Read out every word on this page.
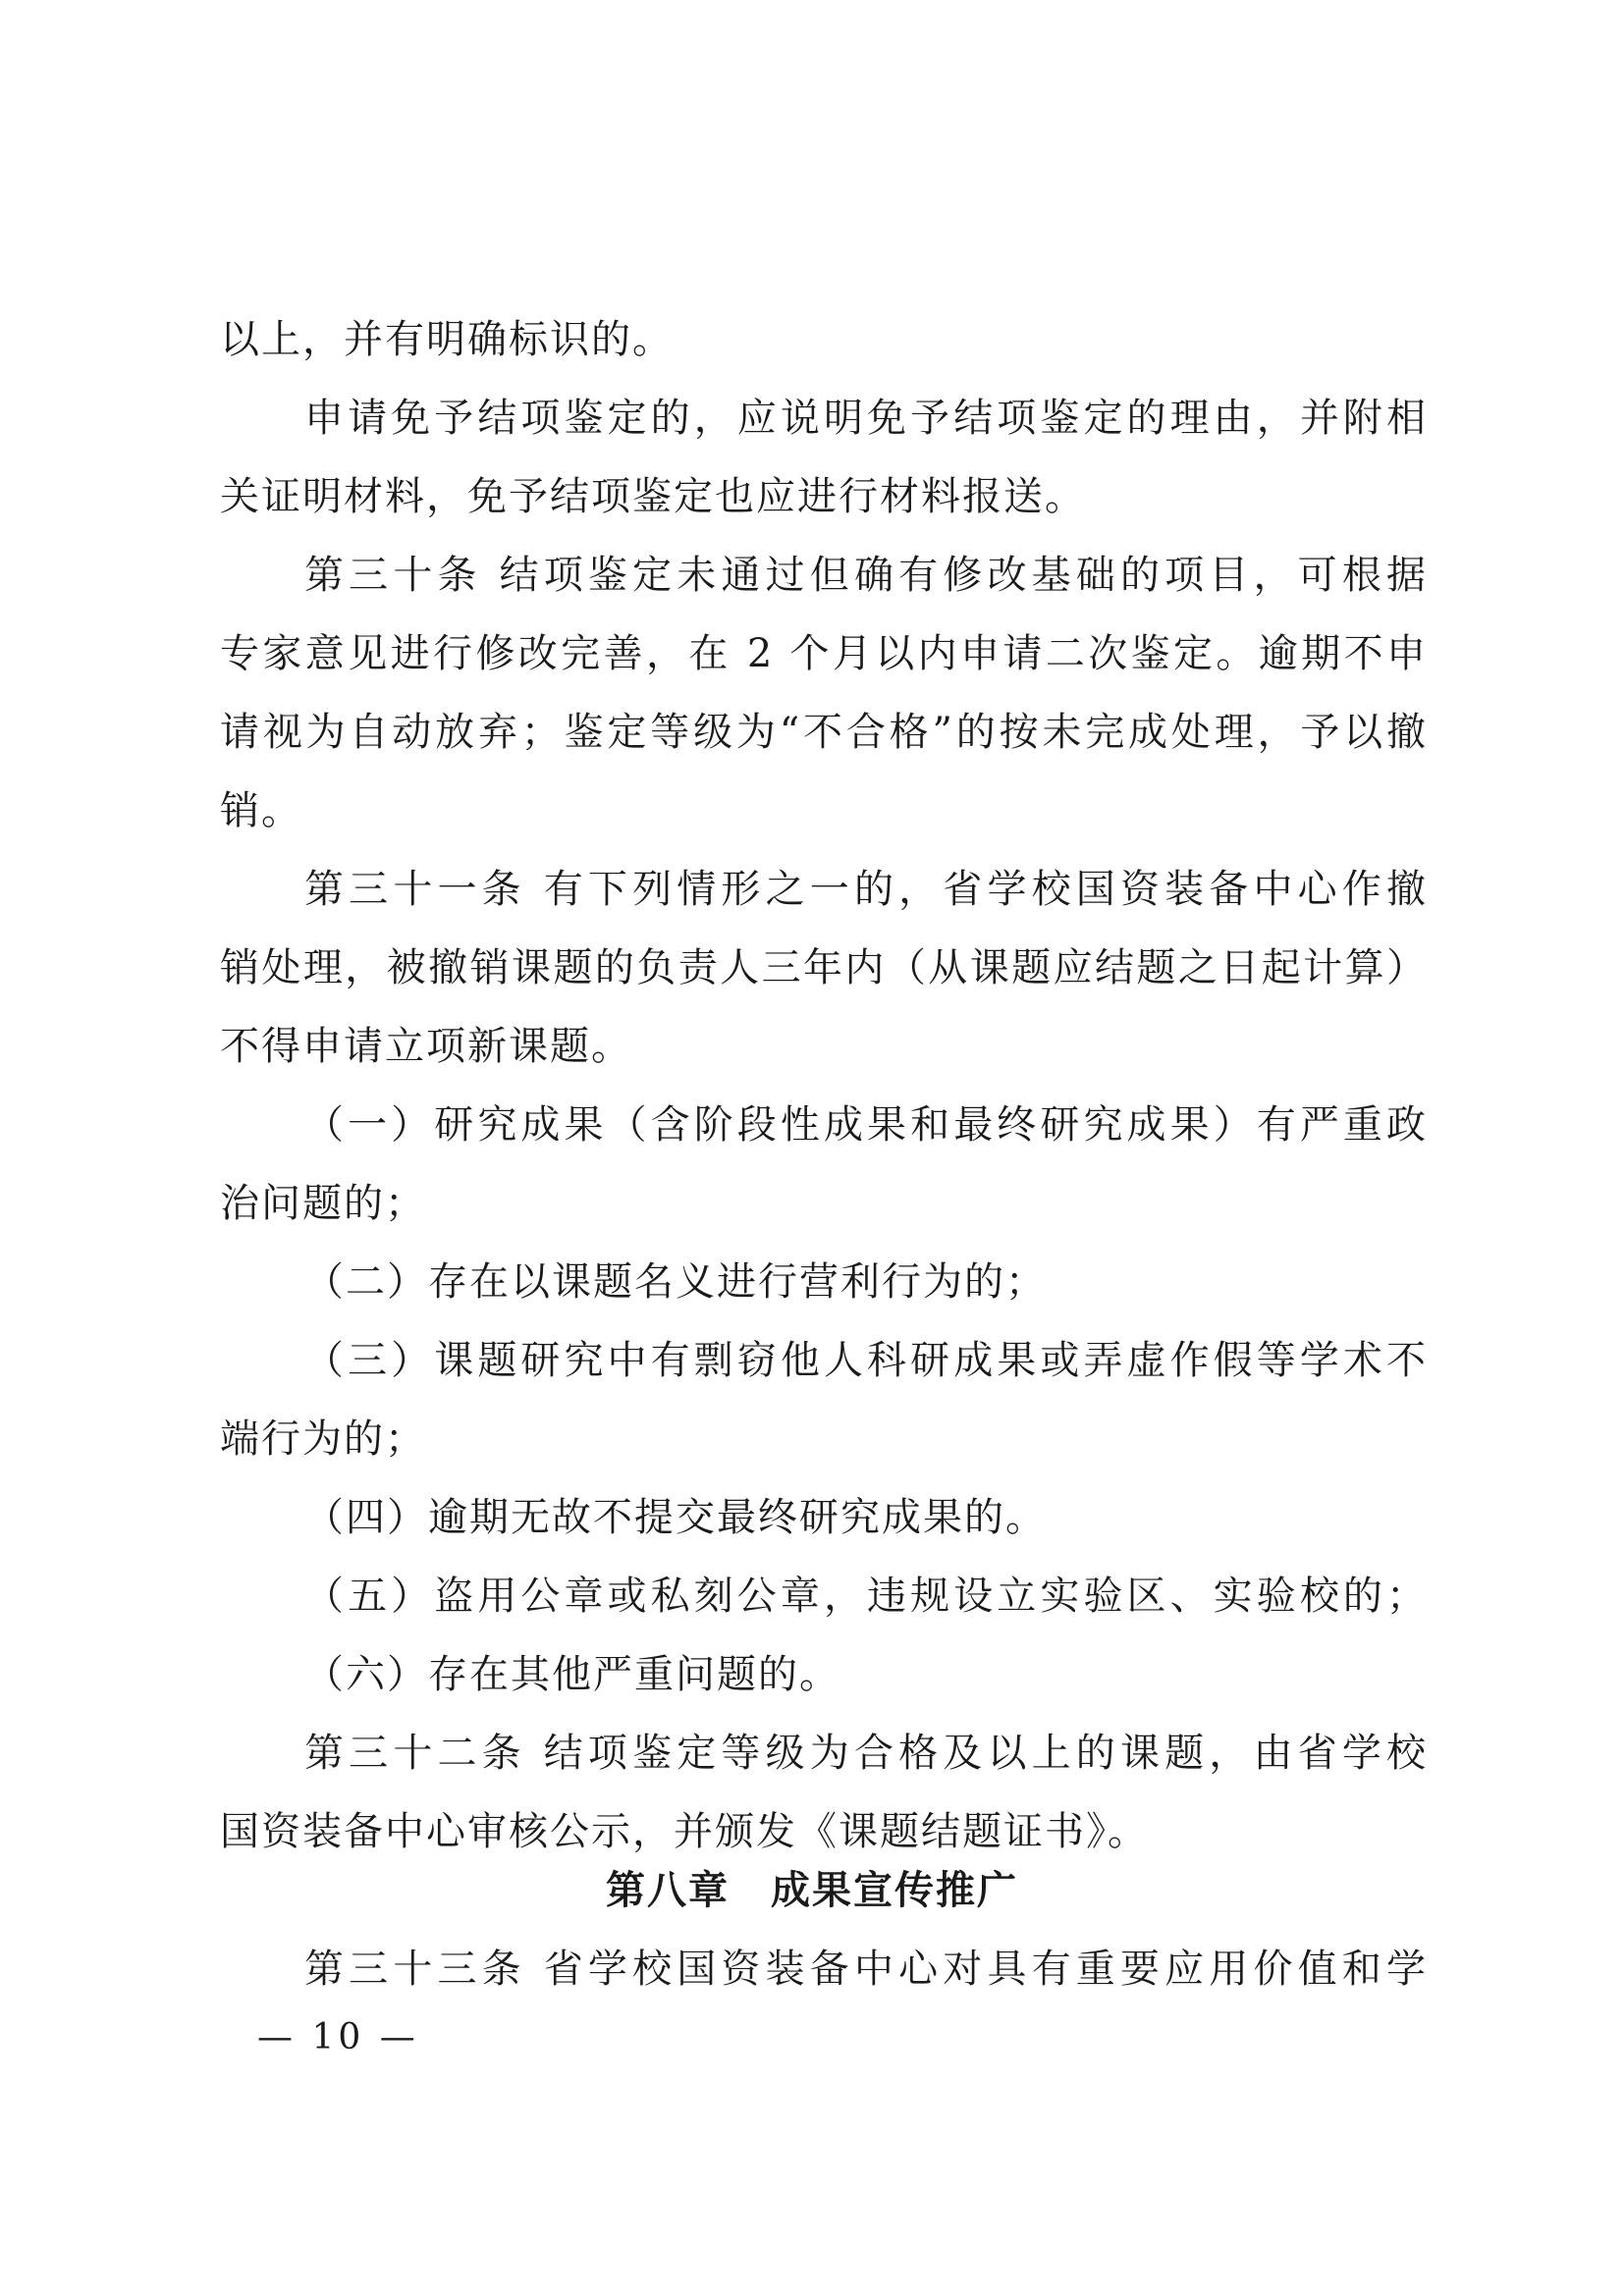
以上，并有明确标识的。
申请免予结项鉴定的，应说明免予结项鉴定的理由，并附相
关证明材料，免予结项鉴定也应进行材料报送。
第三十条 结项鉴定未通过但确有修改基础的项目，可根据
专家意见进行修改完善，在 2 个月以内申请二次鉴定。逾期不申
请视为自动放弃；鉴定等级为“不合格”的按未完成处理，予以撤
销。
第三十一条 有下列情形之一的，省学校国资装备中心作撤
销处理，被撤销课题的负责人三年内（从课题应结题之日起计算）
不得申请立项新课题。
（一）研究成果（含阶段性成果和最终研究成果）有严重政
治问题的；
（二）存在以课题名义进行营利行为的；
（三）课题研究中有剽窃他人科研成果或弄虚作假等学术不
端行为的；
（四）逾期无故不提交最终研究成果的。
（五）盗用公章或私刻公章，违规设立实验区、实验校的；
（六）存在其他严重问题的。
第三十二条 结项鉴定等级为合格及以上的课题，由省学校
国资装备中心审核公示，并颁发《课题结题证书》。
第八章　成果宣传推广
第三十三条 省学校国资装备中心对具有重要应用价值和学
— 10 —
